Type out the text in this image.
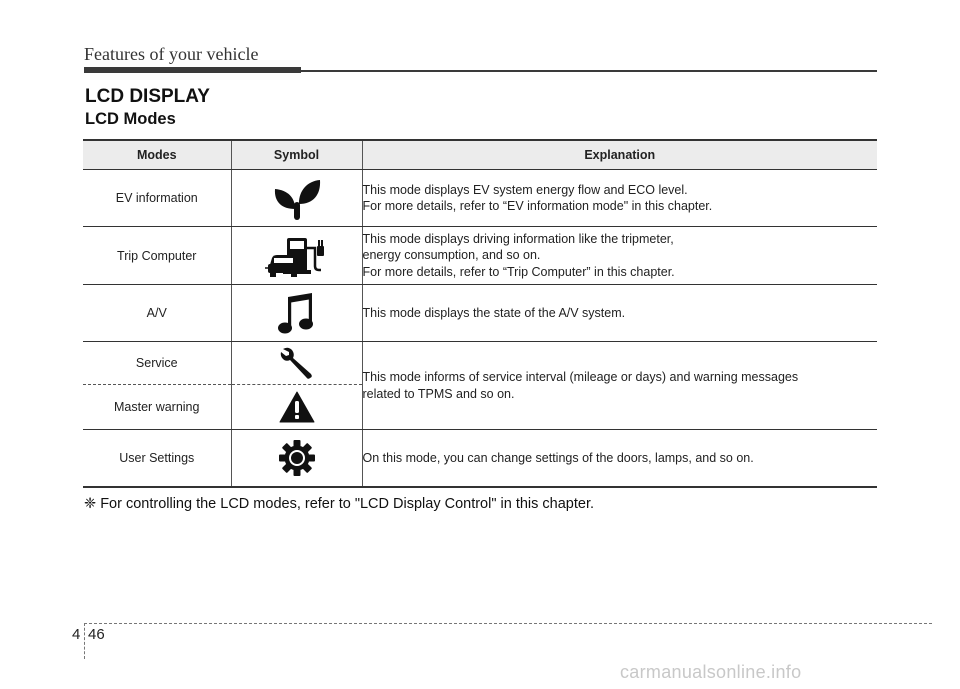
Features of your vehicle
LCD DISPLAY
LCD Modes
Modes	Symbol	Explanation
EV information		This mode displays EV system energy flow and ECO level.
For more details, refer to “EV information mode" in this chapter.

Trip Computer		This mode displays driving information like the tripmeter,
energy consumption, and so on.
For more details, refer to “Trip Computer” in this chapter.

A/V		This mode displays the state of the A/V system.

Service		This mode informs of service interval (mileage or days) and warning messages
related to TPMS and so on.

Master warning	
User Settings		On this mode, you can change settings of the doors, lamps, and so on.
❈ For controlling the LCD modes, refer to "LCD Display Control" in this chapter.
4 46
carmanualsonline.info
